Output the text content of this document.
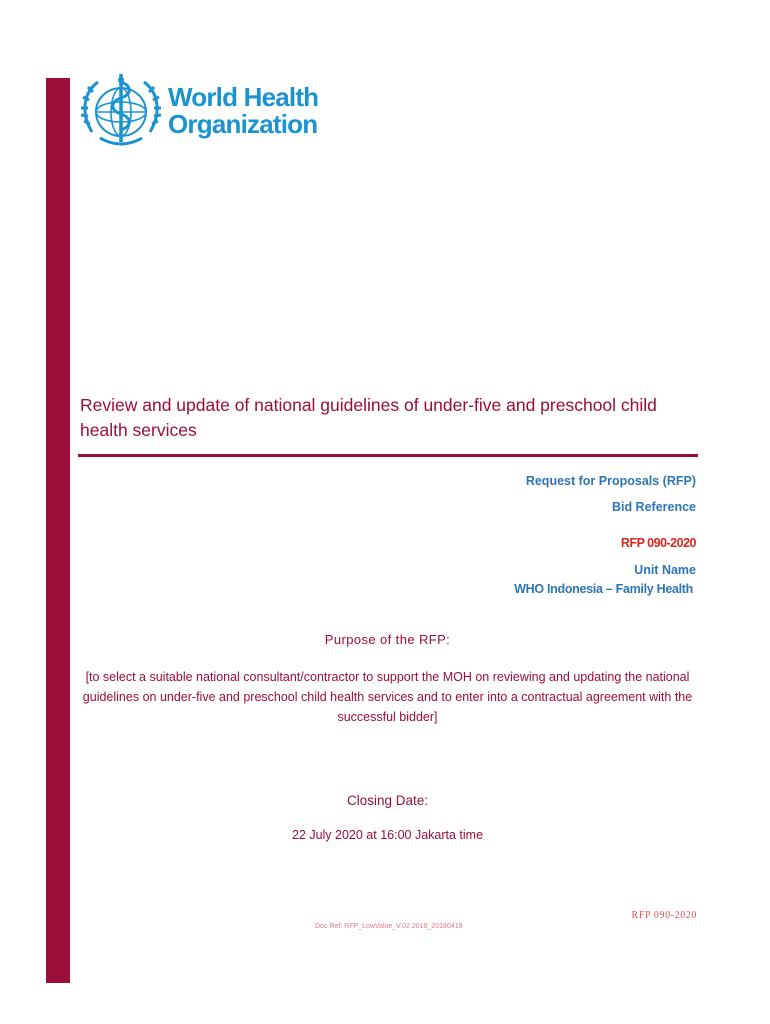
World Health
Organization
Review and update of national guidelines of under-five and preschool child health services

Request for Proposals (RFP)

Bid Reference

RFP 090-2020

Unit Name

WHO Indonesia – Family Health

Purpose of the RFP:

[to select a suitable national consultant/contractor to support the MOH on reviewing and updating the national guidelines on under-five and preschool child health services and to enter into a contractual agreement with the successful bidder]

Closing Date:

22 July 2020 at 16:00 Jakarta time

RFP 090-2020

Doc Ref: RFP_LowValue_V.02 2018_20180419
